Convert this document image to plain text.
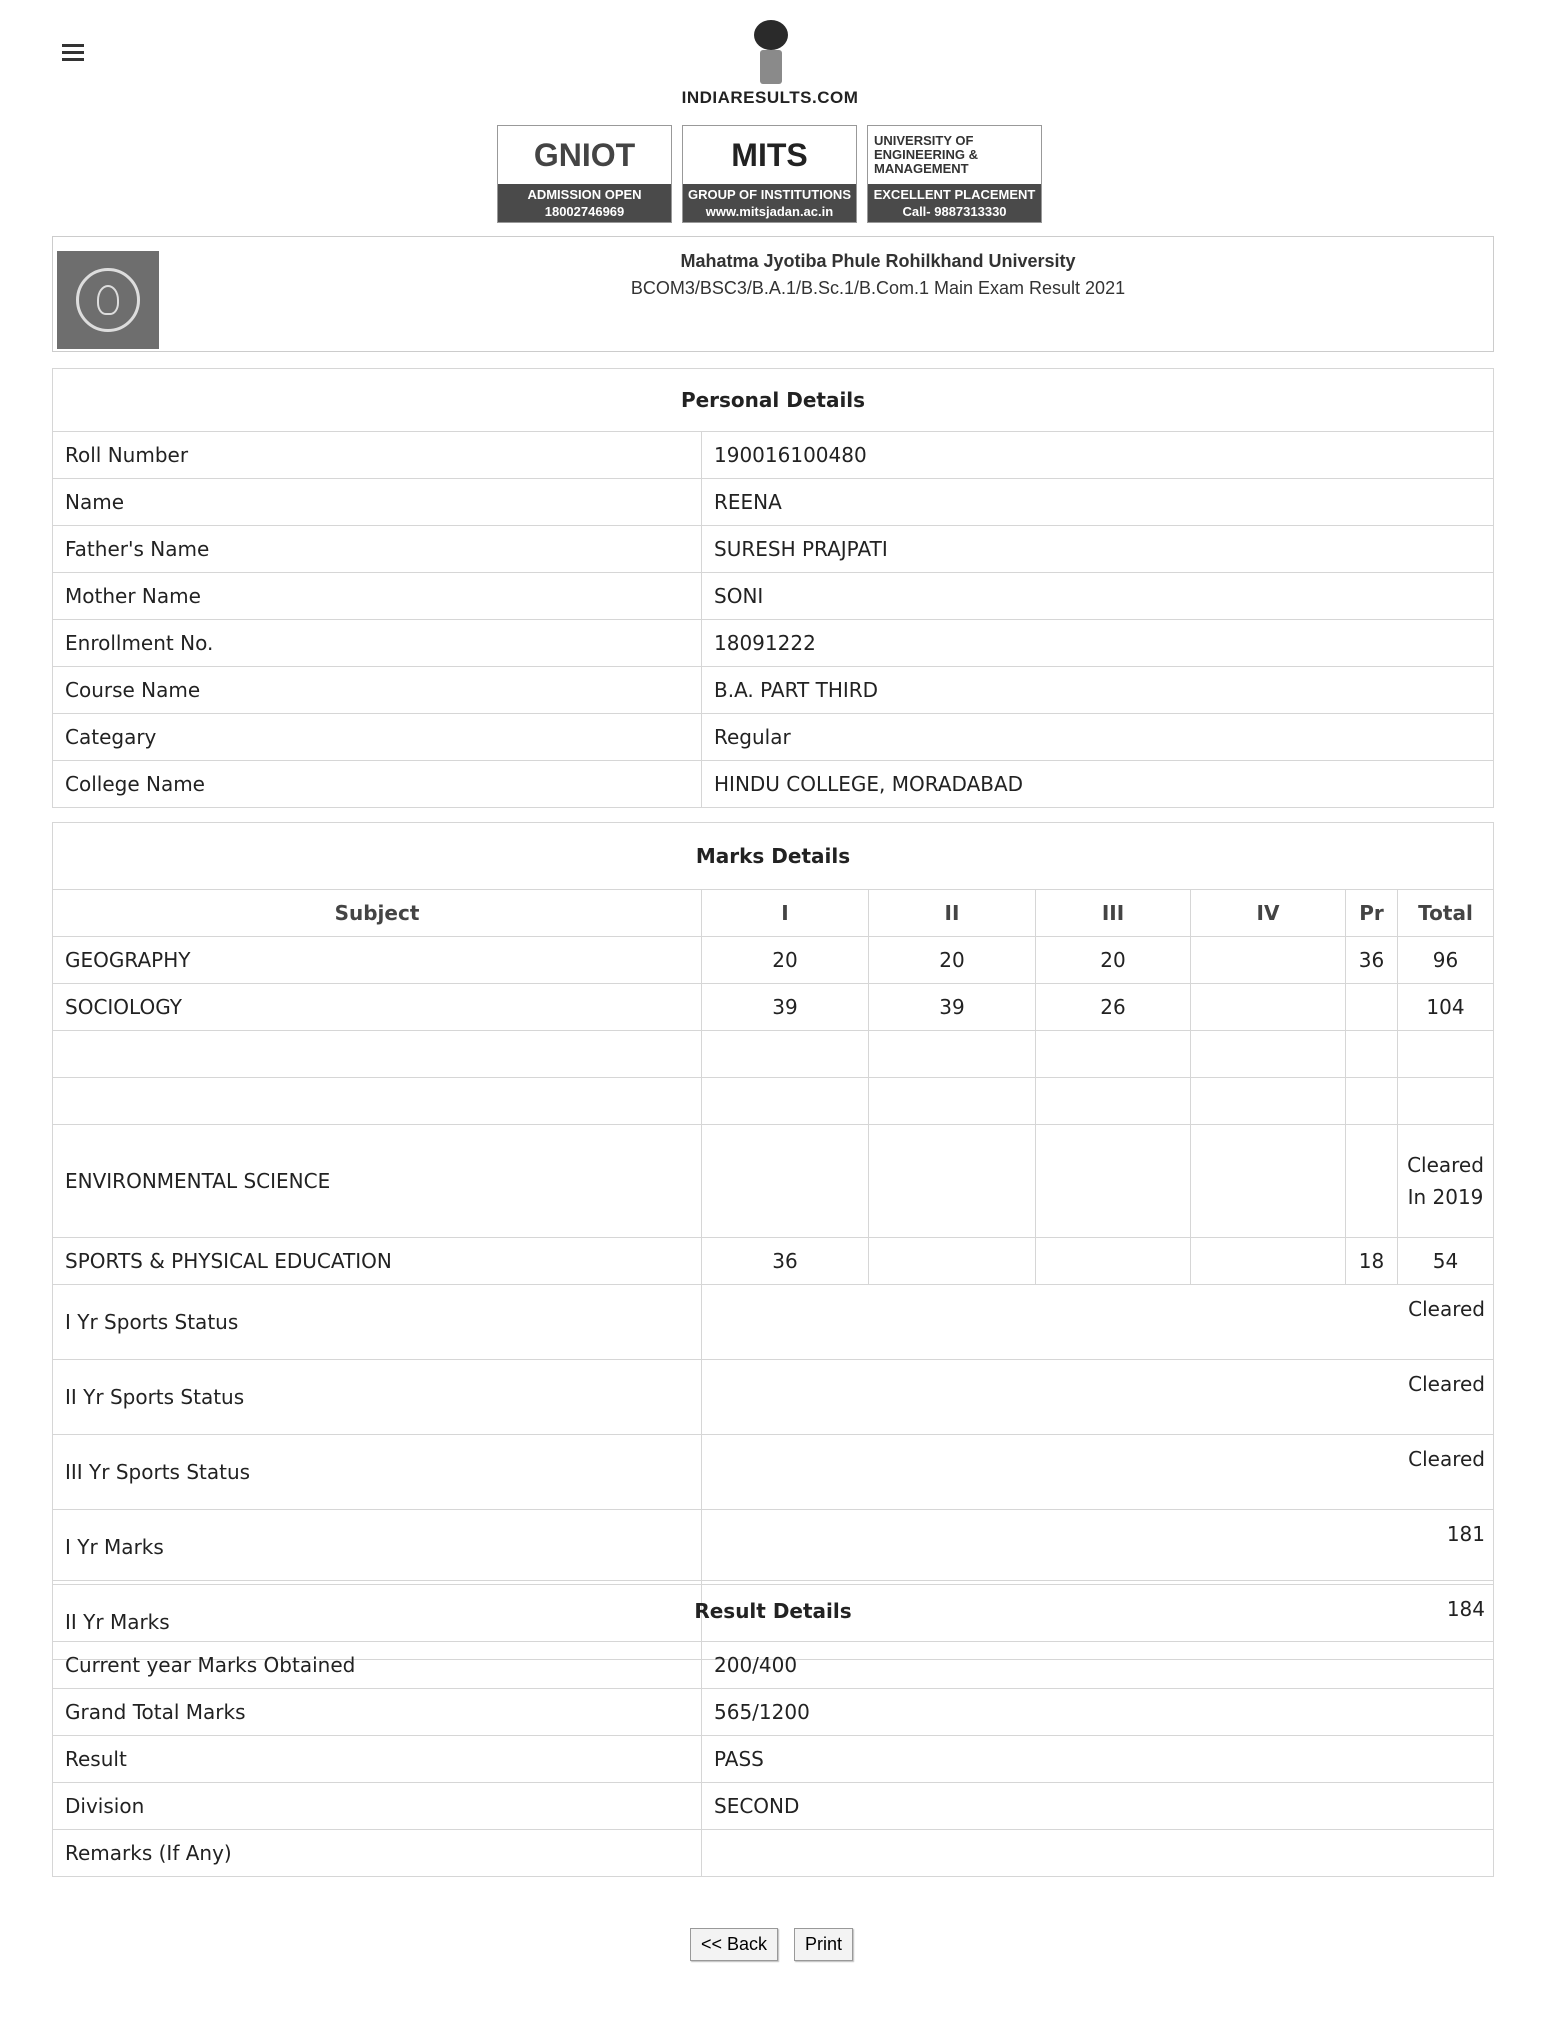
INDIARESULTS.COM
GNIOT
ADMISSION OPEN
18002746969
MITS
GROUP OF INSTITUTIONS
www.mitsjadan.ac.in
UNIVERSITY OF ENGINEERING & MANAGEMENT
EXCELLENT PLACEMENT
Call- 9887313330
Mahatma Jyotiba Phule Rohilkhand University
BCOM3/BSC3/B.A.1/B.Sc.1/B.Com.1 Main Exam Result 2021
Personal Details	
Roll Number	190016100480
Name	REENA
Father's Name	SURESH PRAJPATI
Mother Name	SONI
Enrollment No.	18091222
Course Name	B.A. PART THIRD
Categary	Regular
College Name	HINDU COLLEGE, MORADABAD
Marks Details						
Subject	I	II	III	IV	Pr	Total
GEOGRAPHY	20	20	20		36	96
SOCIOLOGY	39	39	26			104

ENVIRONMENTAL SCIENCE						Cleared In 2019
SPORTS & PHYSICAL EDUCATION	36				18	54
I Yr Sports Status	Cleared					
II Yr Sports Status	Cleared					
III Yr Sports Status	Cleared					
I Yr Marks	181					
II Yr Marks	184					
Result Details	
Current year Marks Obtained	200/400
Grand Total Marks	565/1200
Result	PASS
Division	SECOND
Remarks (If Any)	
<< Back	Print
